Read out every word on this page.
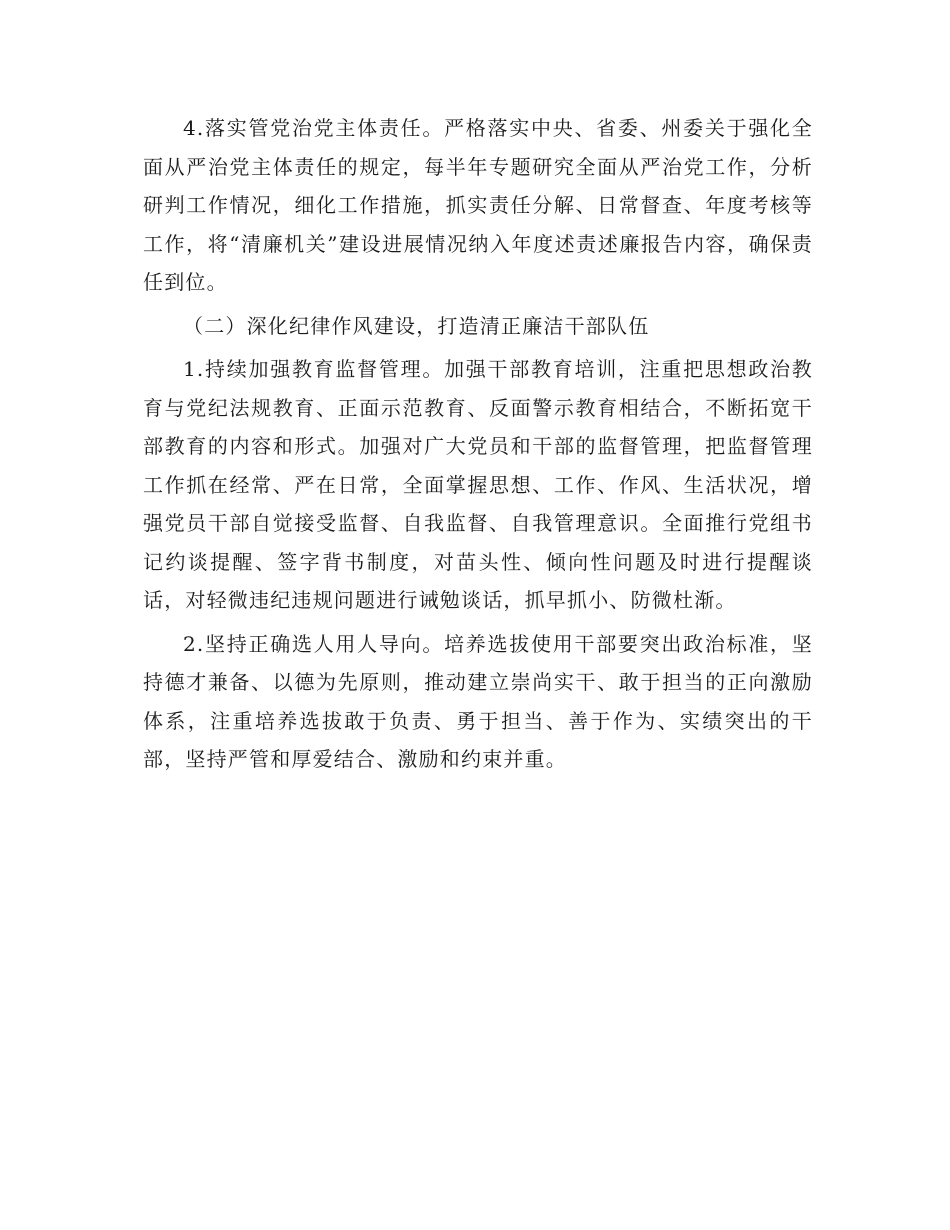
4.落实管党治党主体责任。严格落实中央、省委、州委关于强化全面从严治党主体责任的规定，每半年专题研究全面从严治党工作，分析研判工作情况，细化工作措施，抓实责任分解、日常督查、年度考核等工作，将“清廉机关”建设进展情况纳入年度述责述廉报告内容，确保责任到位。

（二）深化纪律作风建设，打造清正廉洁干部队伍

1.持续加强教育监督管理。加强干部教育培训，注重把思想政治教育与党纪法规教育、正面示范教育、反面警示教育相结合，不断拓宽干部教育的内容和形式。加强对广大党员和干部的监督管理，把监督管理工作抓在经常、严在日常，全面掌握思想、工作、作风、生活状况，增强党员干部自觉接受监督、自我监督、自我管理意识。全面推行党组书记约谈提醒、签字背书制度，对苗头性、倾向性问题及时进行提醒谈话，对轻微违纪违规问题进行诫勉谈话，抓早抓小、防微杜渐。

2.坚持正确选人用人导向。培养选拔使用干部要突出政治标准，坚持德才兼备、以德为先原则，推动建立崇尚实干、敢于担当的正向激励体系，注重培养选拔敢于负责、勇于担当、善于作为、实绩突出的干部，坚持严管和厚爱结合、激励和约束并重。
